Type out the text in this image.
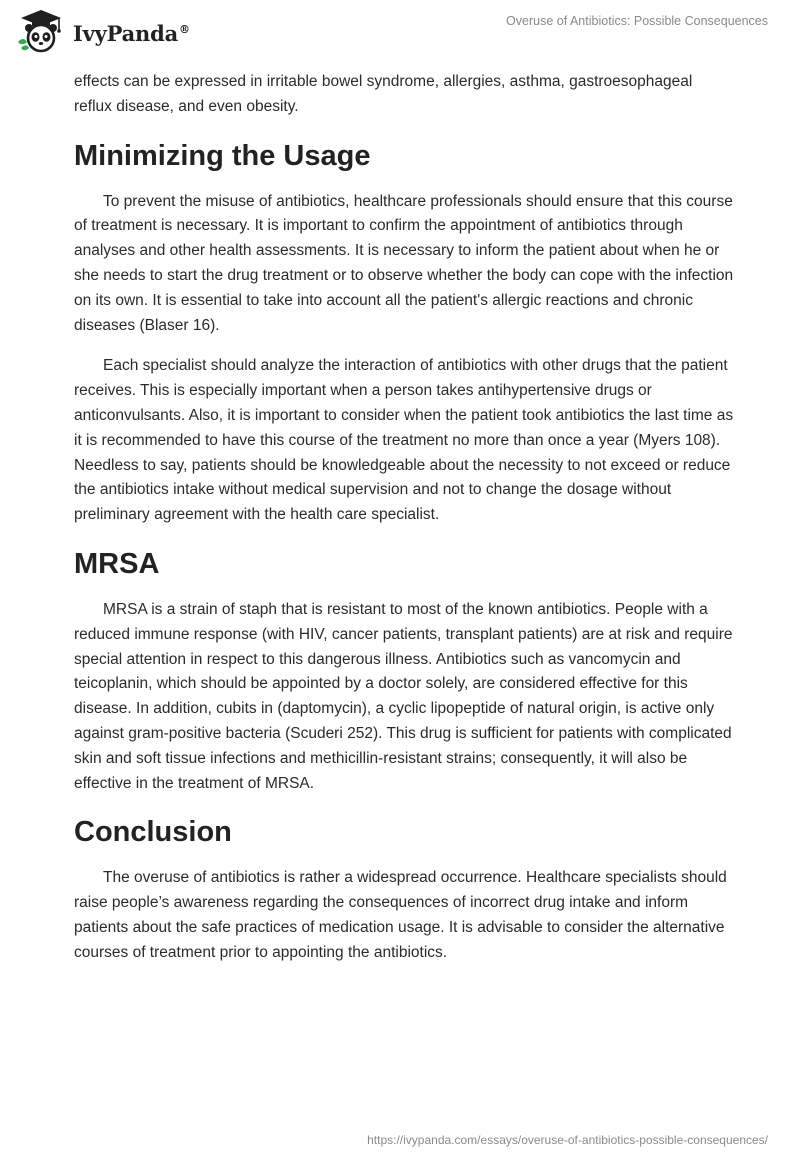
IvyPanda®
Overuse of Antibiotics: Possible Consequences

effects can be expressed in irritable bowel syndrome, allergies, asthma, gastroesophageal reflux disease, and even obesity.

Minimizing the Usage

To prevent the misuse of antibiotics, healthcare professionals should ensure that this course of treatment is necessary. It is important to confirm the appointment of antibiotics through analyses and other health assessments. It is necessary to inform the patient about when he or she needs to start the drug treatment or to observe whether the body can cope with the infection on its own. It is essential to take into account all the patient's allergic reactions and chronic diseases (Blaser 16).

Each specialist should analyze the interaction of antibiotics with other drugs that the patient receives. This is especially important when a person takes antihypertensive drugs or anticonvulsants. Also, it is important to consider when the patient took antibiotics the last time as it is recommended to have this course of the treatment no more than once a year (Myers 108). Needless to say, patients should be knowledgeable about the necessity to not exceed or reduce the antibiotics intake without medical supervision and not to change the dosage without preliminary agreement with the health care specialist.

MRSA

MRSA is a strain of staph that is resistant to most of the known antibiotics. People with a reduced immune response (with HIV, cancer patients, transplant patients) are at risk and require special attention in respect to this dangerous illness. Antibiotics such as vancomycin and teicoplanin, which should be appointed by a doctor solely, are considered effective for this disease. In addition, cubits in (daptomycin), a cyclic lipopeptide of natural origin, is active only against gram-positive bacteria (Scuderi 252). This drug is sufficient for patients with complicated skin and soft tissue infections and methicillin-resistant strains; consequently, it will also be effective in the treatment of MRSA.

Conclusion

The overuse of antibiotics is rather a widespread occurrence. Healthcare specialists should raise people’s awareness regarding the consequences of incorrect drug intake and inform patients about the safe practices of medication usage. It is advisable to consider the alternative courses of treatment prior to appointing the antibiotics.

https://ivypanda.com/essays/overuse-of-antibiotics-possible-consequences/
